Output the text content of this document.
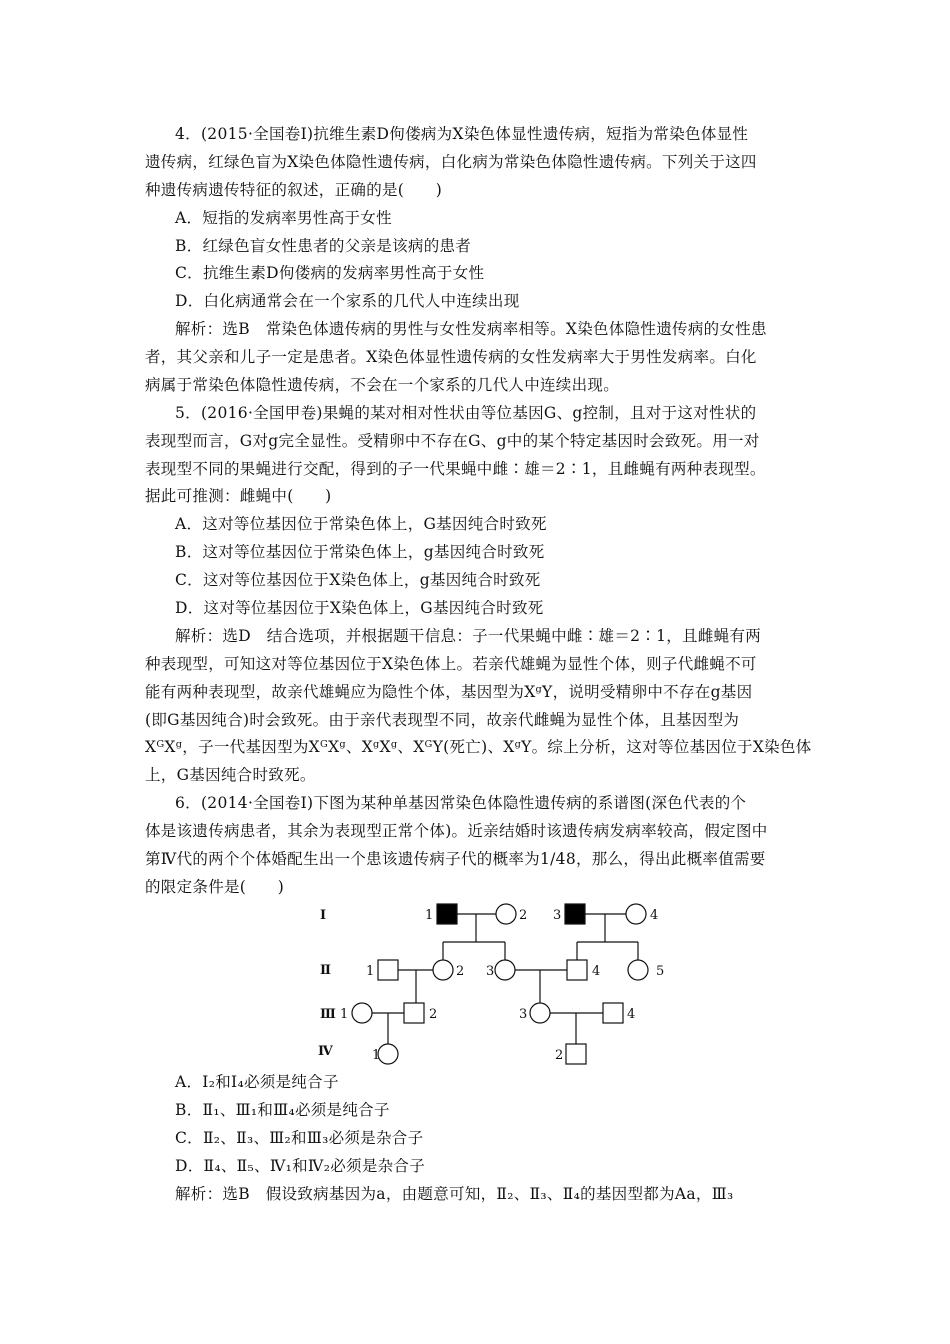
4．(2015·全国卷Ⅰ)抗维生素D佝偻病为X染色体显性遗传病，短指为常染色体显性
遗传病，红绿色盲为X染色体隐性遗传病，白化病为常染色体隐性遗传病。下列关于这四
种遗传病遗传特征的叙述，正确的是(　　)
A．短指的发病率男性高于女性
B．红绿色盲女性患者的父亲是该病的患者
C．抗维生素D佝偻病的发病率男性高于女性
D．白化病通常会在一个家系的几代人中连续出现
解析：选B　常染色体遗传病的男性与女性发病率相等。X染色体隐性遗传病的女性患
者，其父亲和儿子一定是患者。X染色体显性遗传病的女性发病率大于男性发病率。白化
病属于常染色体隐性遗传病，不会在一个家系的几代人中连续出现。
5．(2016·全国甲卷)果蝇的某对相对性状由等位基因G、g控制，且对于这对性状的
表现型而言，G对g完全显性。受精卵中不存在G、g中的某个特定基因时会致死。用一对
表现型不同的果蝇进行交配，得到的子一代果蝇中雌∶雄＝2∶1，且雌蝇有两种表现型。
据此可推测：雌蝇中(　　)
A．这对等位基因位于常染色体上，G基因纯合时致死
B．这对等位基因位于常染色体上，g基因纯合时致死
C．这对等位基因位于X染色体上，g基因纯合时致死
D．这对等位基因位于X染色体上，G基因纯合时致死
解析：选D　结合选项，并根据题干信息：子一代果蝇中雌∶雄＝2∶1，且雌蝇有两
种表现型，可知这对等位基因位于X染色体上。若亲代雄蝇为显性个体，则子代雌蝇不可
能有两种表现型，故亲代雄蝇应为隐性个体，基因型为XᵍY，说明受精卵中不存在g基因
(即G基因纯合)时会致死。由于亲代表现型不同，故亲代雌蝇为显性个体，且基因型为
XᴳXᵍ，子一代基因型为XᴳXᵍ、XᵍXᵍ、XᴳY(死亡)、XᵍY。综上分析，这对等位基因位于X染色体
上，G基因纯合时致死。
6．(2014·全国卷Ⅰ)下图为某种单基因常染色体隐性遗传病的系谱图(深色代表的个
体是该遗传病患者，其余为表现型正常个体)。近亲结婚时该遗传病发病率较高，假定图中
第Ⅳ代的两个个体婚配生出一个患该遗传病子代的概率为1/48，那么，得出此概率值需要
的限定条件是(　　)
Ⅰ
Ⅱ
Ⅲ
Ⅳ
1	2 3	4
1	2 3	4	5
1	2	3	4
1	2
A．Ⅰ₂和Ⅰ₄必须是纯合子
B．Ⅱ₁、Ⅲ₁和Ⅲ₄必须是纯合子
C．Ⅱ₂、Ⅱ₃、Ⅲ₂和Ⅲ₃必须是杂合子
D．Ⅱ₄、Ⅱ₅、Ⅳ₁和Ⅳ₂必须是杂合子
解析：选B　假设致病基因为a，由题意可知，Ⅱ₂、Ⅱ₃、Ⅱ₄的基因型都为Aa，Ⅲ₃
